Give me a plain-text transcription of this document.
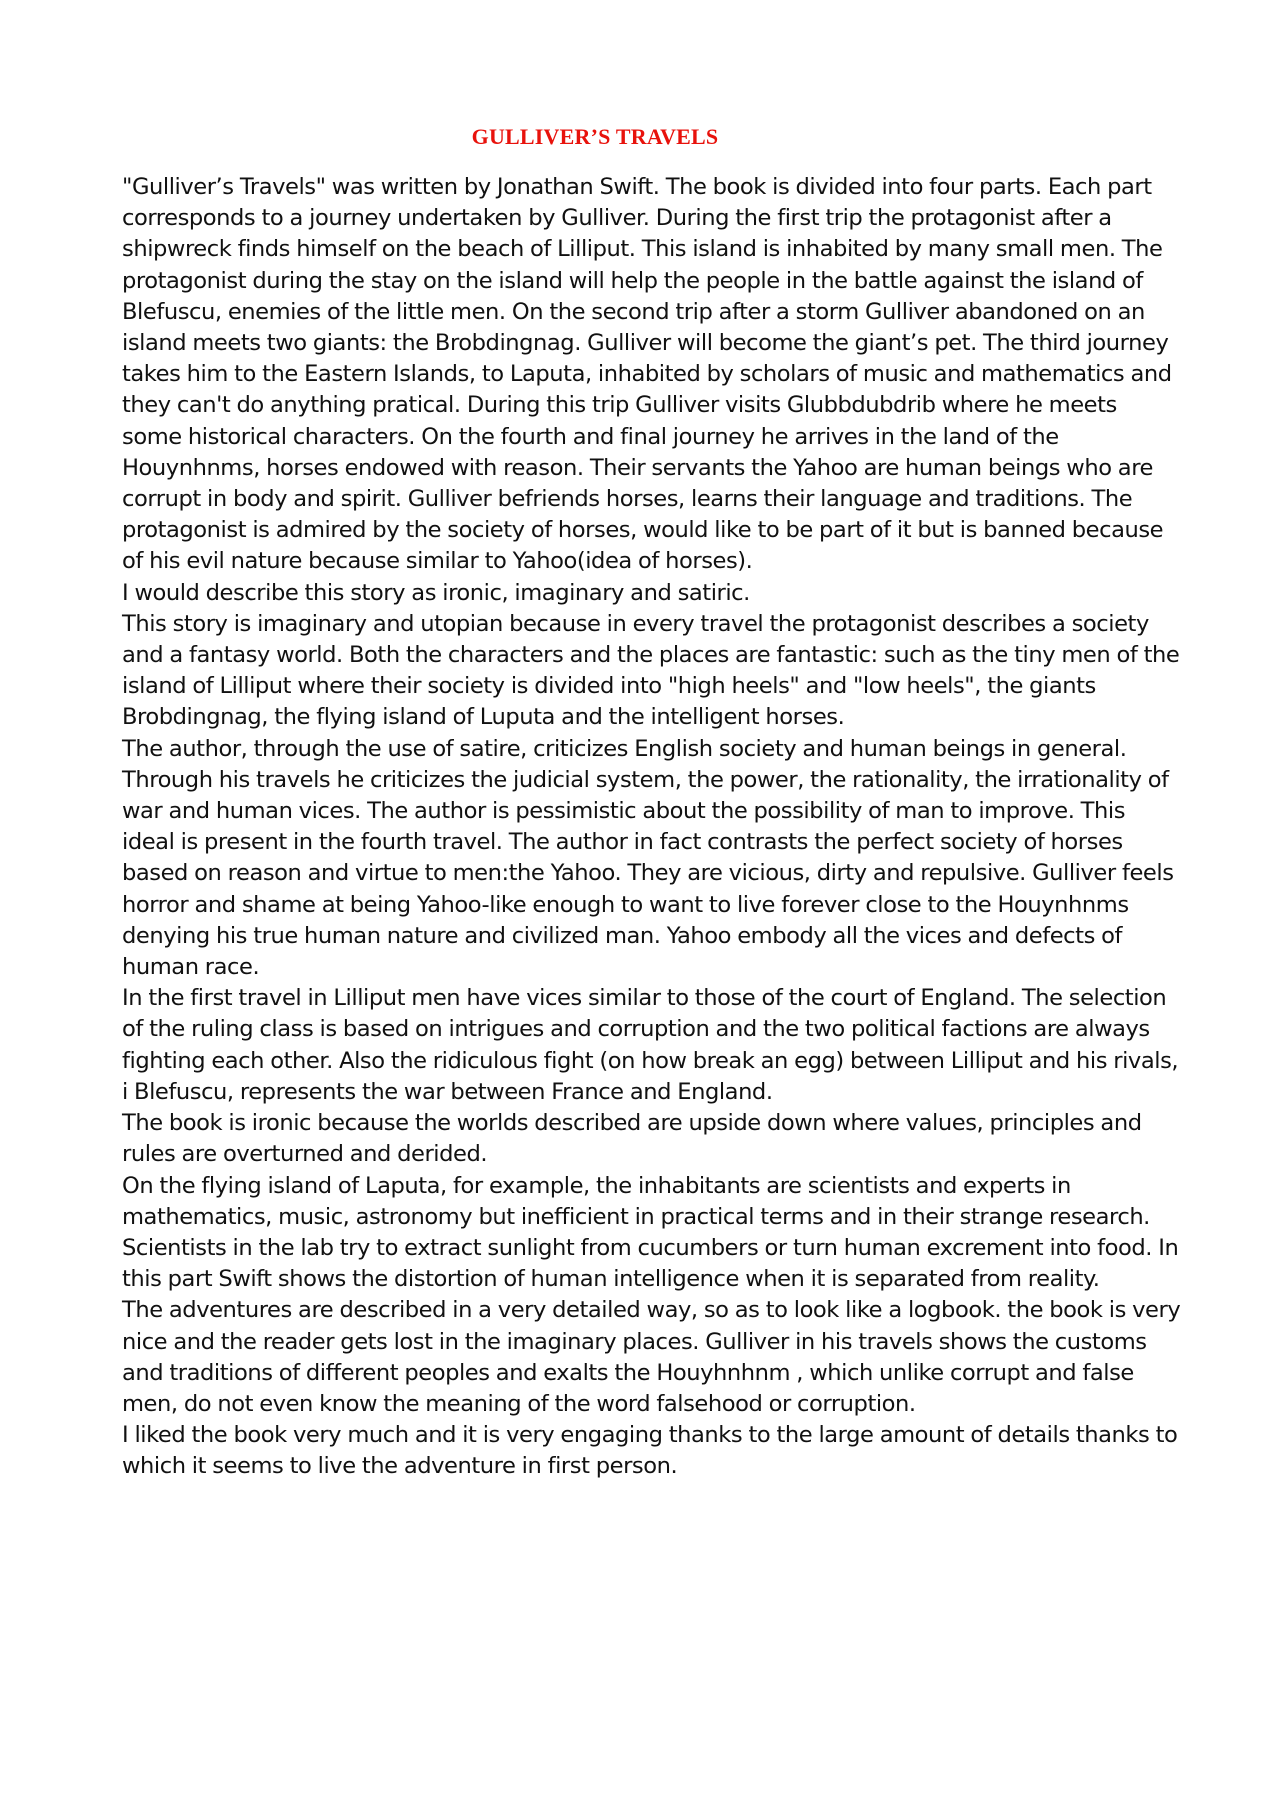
GULLIVER’S TRAVELS

"Gulliver’s Travels" was written by Jonathan Swift. The book is divided into four parts. Each part corresponds to a journey undertaken by Gulliver. During the first trip the protagonist after a shipwreck finds himself on the beach of Lilliput. This island is inhabited by many small men. The protagonist during the stay on the island will help the people in the battle against the island of Blefuscu, enemies of the little men. On the second trip after a storm Gulliver abandoned on an island meets two giants: the Brobdingnag. Gulliver will become the giant’s pet. The third journey takes him to the Eastern Islands, to Laputa, inhabited by scholars of music and mathematics and they can't do anything pratical. During this trip Gulliver visits Glubbdubdrib where he meets some historical characters. On the fourth and final journey he arrives in the land of the Houynhnms, horses endowed with reason. Their servants the Yahoo are human beings who are corrupt in body and spirit. Gulliver befriends horses, learns their language and traditions. The protagonist is admired by the society of horses, would like to be part of it but is banned because of his evil nature because similar to Yahoo(idea of horses).

I would describe this story as ironic, imaginary and satiric.

This story is imaginary and utopian because in every travel the protagonist describes a society and a fantasy world. Both the characters and the places are fantastic: such as the tiny men of the island of Lilliput where their society is divided into "high heels" and "low heels", the giants Brobdingnag, the flying island of Luputa and the intelligent horses.

The author, through the use of satire, criticizes English society and human beings in general. Through his travels he criticizes the judicial system, the power, the rationality, the irrationality of war and human vices. The author is pessimistic about the possibility of man to improve. This ideal is present in the fourth travel. The author in fact contrasts the perfect society of horses based on reason and virtue to men:the Yahoo. They are vicious, dirty and repulsive. Gulliver feels horror and shame at being Yahoo-like enough to want to live forever close to the Houynhnms denying his true human nature and civilized man. Yahoo embody all the vices and defects of human race.

In the first travel in Lilliput men have vices similar to those of the court of England. The selection of the ruling class is based on intrigues and corruption and the two political factions are always fighting each other. Also the ridiculous fight (on how break an egg) between Lilliput and his rivals, i Blefuscu, represents the war between France and England.

The book is ironic because the worlds described are upside down where values, principles and rules are overturned and derided.

On the flying island of Laputa, for example, the inhabitants are scientists and experts in mathematics, music, astronomy but inefficient in practical terms and in their strange research. Scientists in the lab try to extract sunlight from cucumbers or turn human excrement into food. In this part Swift shows the distortion of human intelligence when it is separated from reality.

The adventures are described in a very detailed way, so as to look like a logbook. the book is very nice and the reader gets lost in the imaginary places. Gulliver in his travels shows the customs and traditions of different peoples and exalts the Houyhnhnm , which unlike corrupt and false men, do not even know the meaning of the word falsehood or corruption.

I liked the book very much and it is very engaging thanks to the large amount of details thanks to which it seems to live the adventure in first person.
